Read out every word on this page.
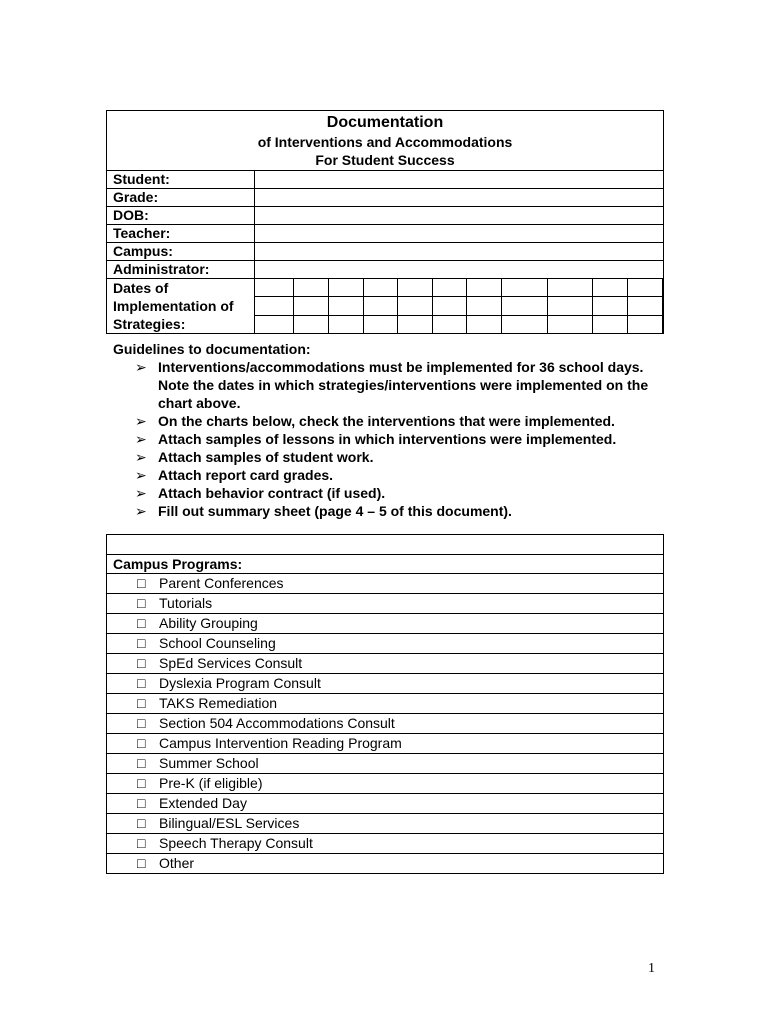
Documentation
of Interventions and Accommodations
For Student Success												

Student:												
Grade:												
DOB:												
Teacher:												
Campus:												
Administrator:												
Dates of Implementation of Strategies:												

Guidelines to documentation:
➢ Interventions/accommodations must be implemented for 36 school days. Note the dates in which strategies/interventions were implemented on the chart above.
➢ On the charts below, check the interventions that were implemented.
➢ Attach samples of lessons in which interventions were implemented.
➢ Attach samples of student work.
➢ Attach report card grades.
➢ Attach behavior contract (if used).
➢ Fill out summary sheet (page 4 – 5 of this document).

Campus Programs:
□ Parent Conferences
□ Tutorials
□ Ability Grouping
□ School Counseling
□ SpEd Services Consult
□ Dyslexia Program Consult
□ TAKS Remediation
□ Section 504 Accommodations Consult
□ Campus Intervention Reading Program
□ Summer School
□ Pre-K (if eligible)
□ Extended Day
□ Bilingual/ESL Services
□ Speech Therapy Consult
□ Other
1
